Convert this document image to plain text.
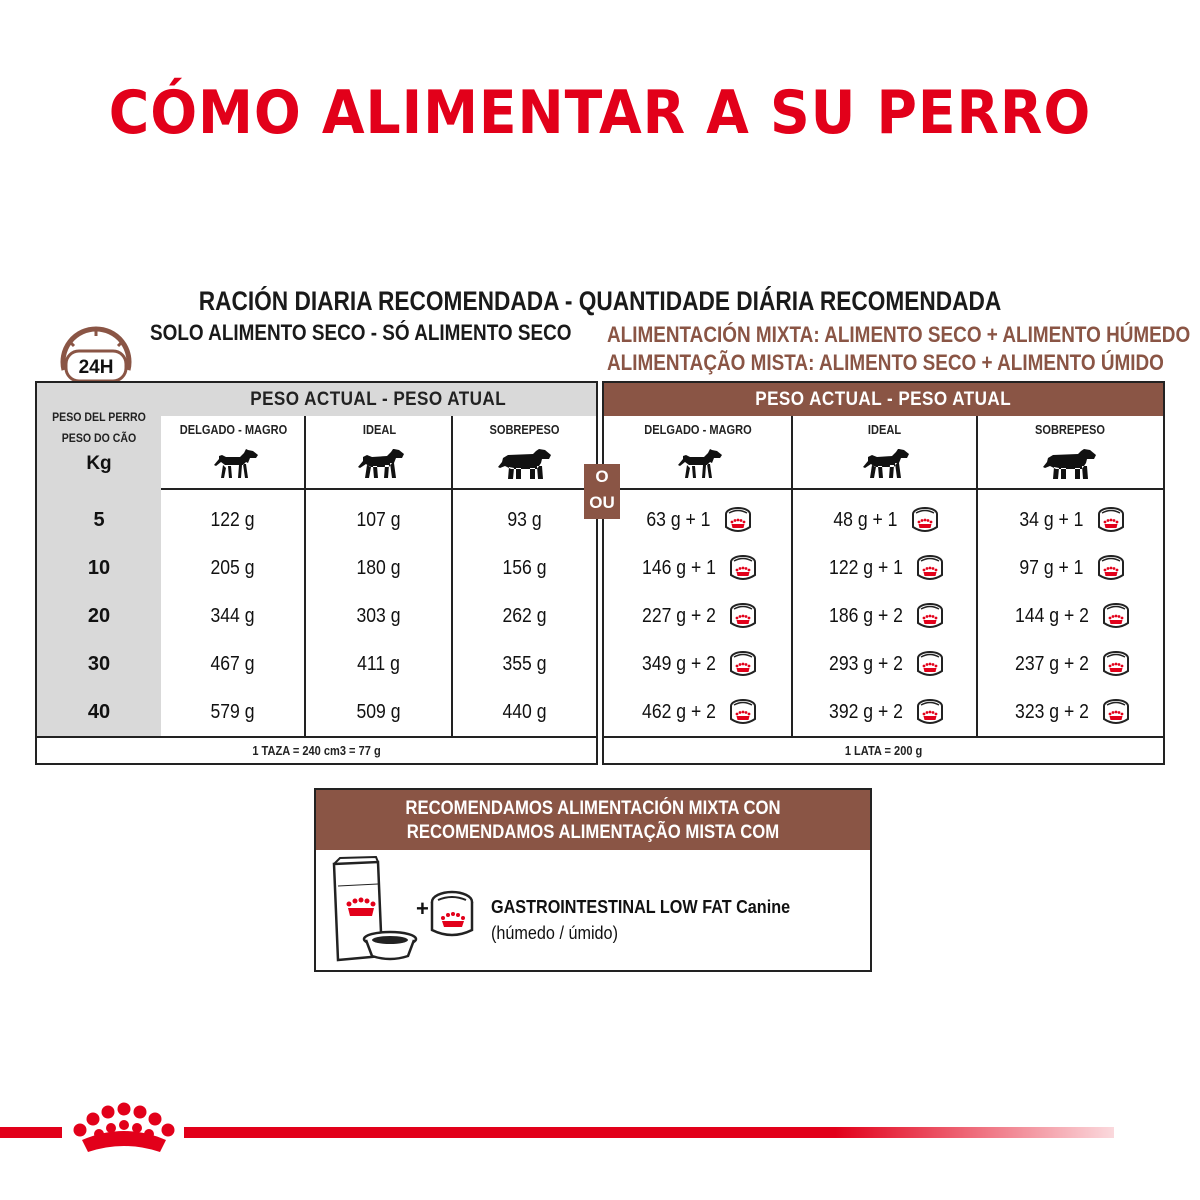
CÓMO ALIMENTAR A SU PERRO
RACIÓN DIARIA RECOMENDADA - QUANTIDADE DIÁRIA RECOMENDADA
24H
SOLO ALIMENTO SECO - SÓ ALIMENTO SECO ALIMENTACIÓN MIXTA: ALIMENTO SECO + ALIMENTO HÚMEDO
ALIMENTAÇÃO MISTA: ALIMENTO SECO + ALIMENTO ÚMIDO
PESO DEL PERRO
PESO DO CÃO
Kg
PESO ACTUAL - PESO ATUAL
DELGADO - MAGRO	IDEAL	SOBREPESO
5	122 g	107 g	93 g
10	205 g	180 g	156 g
20	344 g	303 g	262 g
30	467 g	411 g	355 g
40	579 g	509 g	440 g
1 TAZA = 240 cm3 = 77 g
O
OU
PESO ACTUAL - PESO ATUAL
DELGADO - MAGRO	IDEAL	SOBREPESO
63 g + 1	48 g + 1	34 g + 1
146 g + 1	122 g + 1	97 g + 1
227 g + 2	186 g + 2	144 g + 2
349 g + 2	293 g + 2	237 g + 2
462 g + 2	392 g + 2	323 g + 2
1 LATA = 200 g
RECOMENDAMOS ALIMENTACIÓN MIXTA CON
RECOMENDAMOS ALIMENTAÇÃO MISTA COM
+	GASTROINTESTINAL LOW FAT Canine
(húmedo / úmido)
